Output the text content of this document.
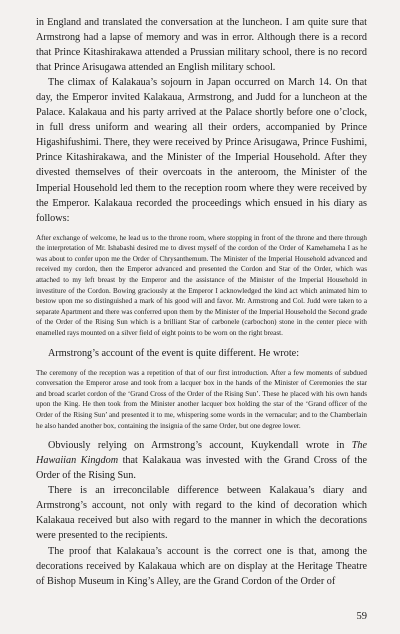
in England and translated the conversation at the luncheon. I am quite sure that Armstrong had a lapse of memory and was in error. Although there is a record that Prince Kitashirakawa attended a Prussian military school, there is no record that Prince Arisugawa attended an English military school.

The climax of Kalakaua’s sojourn in Japan occurred on March 14. On that day, the Emperor invited Kalakaua, Armstrong, and Judd for a luncheon at the Palace. Kalakaua and his party arrived at the Palace shortly before one o’clock, in full dress uniform and wearing all their orders, accompanied by Prince Higashifushimi. There, they were received by Prince Arisugawa, Prince Fushimi, Prince Kitashirakawa, and the Minister of the Imperial Household. After they divested themselves of their overcoats in the anteroom, the Minister of the Imperial Household led them to the reception room where they were received by the Emperor. Kalakaua recorded the proceedings which ensued in his diary as follows:

After exchange of welcome, he lead us to the throne room, where stopping in front of the throne and there through the interpretation of Mr. Ishabashi desired me to divest myself of the cordon of the Order of Kamehameha I as he was about to confer upon me the Order of Chrysanthemum. The Minister of the Imperial Household advanced and received my cordon, then the Emperor advanced and presented the Cordon and Star of the Order, which was attached to my left breast by the Emperor and the assistance of the Minister of the Imperial Household in investiture of the Cordon. Bowing graciously at the Emperor I acknowledged the kind act which animated him to bestow upon me so distinguished a mark of his good will and favor. Mr. Armstrong and Col. Judd were taken to a separate Apartment and there was conferred upon them by the Minister of the Imperial Household the Second grade of the Order of the Rising Sun which is a brilliant Star of carbonele (carbochon) stone in the center piece with enamelled rays mounted on a silver field of eight points to be worn on the right breast.

Armstrong’s account of the event is quite different. He wrote:

The ceremony of the reception was a repetition of that of our first introduction. After a few moments of subdued conversation the Emperor arose and took from a lacquer box in the hands of the Minister of Ceremonies the star and broad scarlet cordon of the ‘Grand Cross of the Order of the Rising Sun’. These he placed with his own hands upon the King. He then took from the Minister another lacquer box holding the star of the ‘Grand officer of the Order of the Rising Sun’ and presented it to me, whispering some words in the vernacular; and to the Chamberlain he also handed another box, containing the insignia of the same Order, but one degree lower.

Obviously relying on Armstrong’s account, Kuykendall wrote in The Hawaiian Kingdom that Kalakaua was invested with the Grand Cross of the Order of the Rising Sun.

There is an irreconcilable difference between Kalakaua’s diary and Armstrong’s account, not only with regard to the kind of decoration which Kalakaua received but also with regard to the manner in which the decorations were presented to the recipients.

The proof that Kalakaua’s account is the correct one is that, among the decorations received by Kalakaua which are on display at the Heritage Theatre of Bishop Museum in King’s Alley, are the Grand Cordon of the Order of

59
